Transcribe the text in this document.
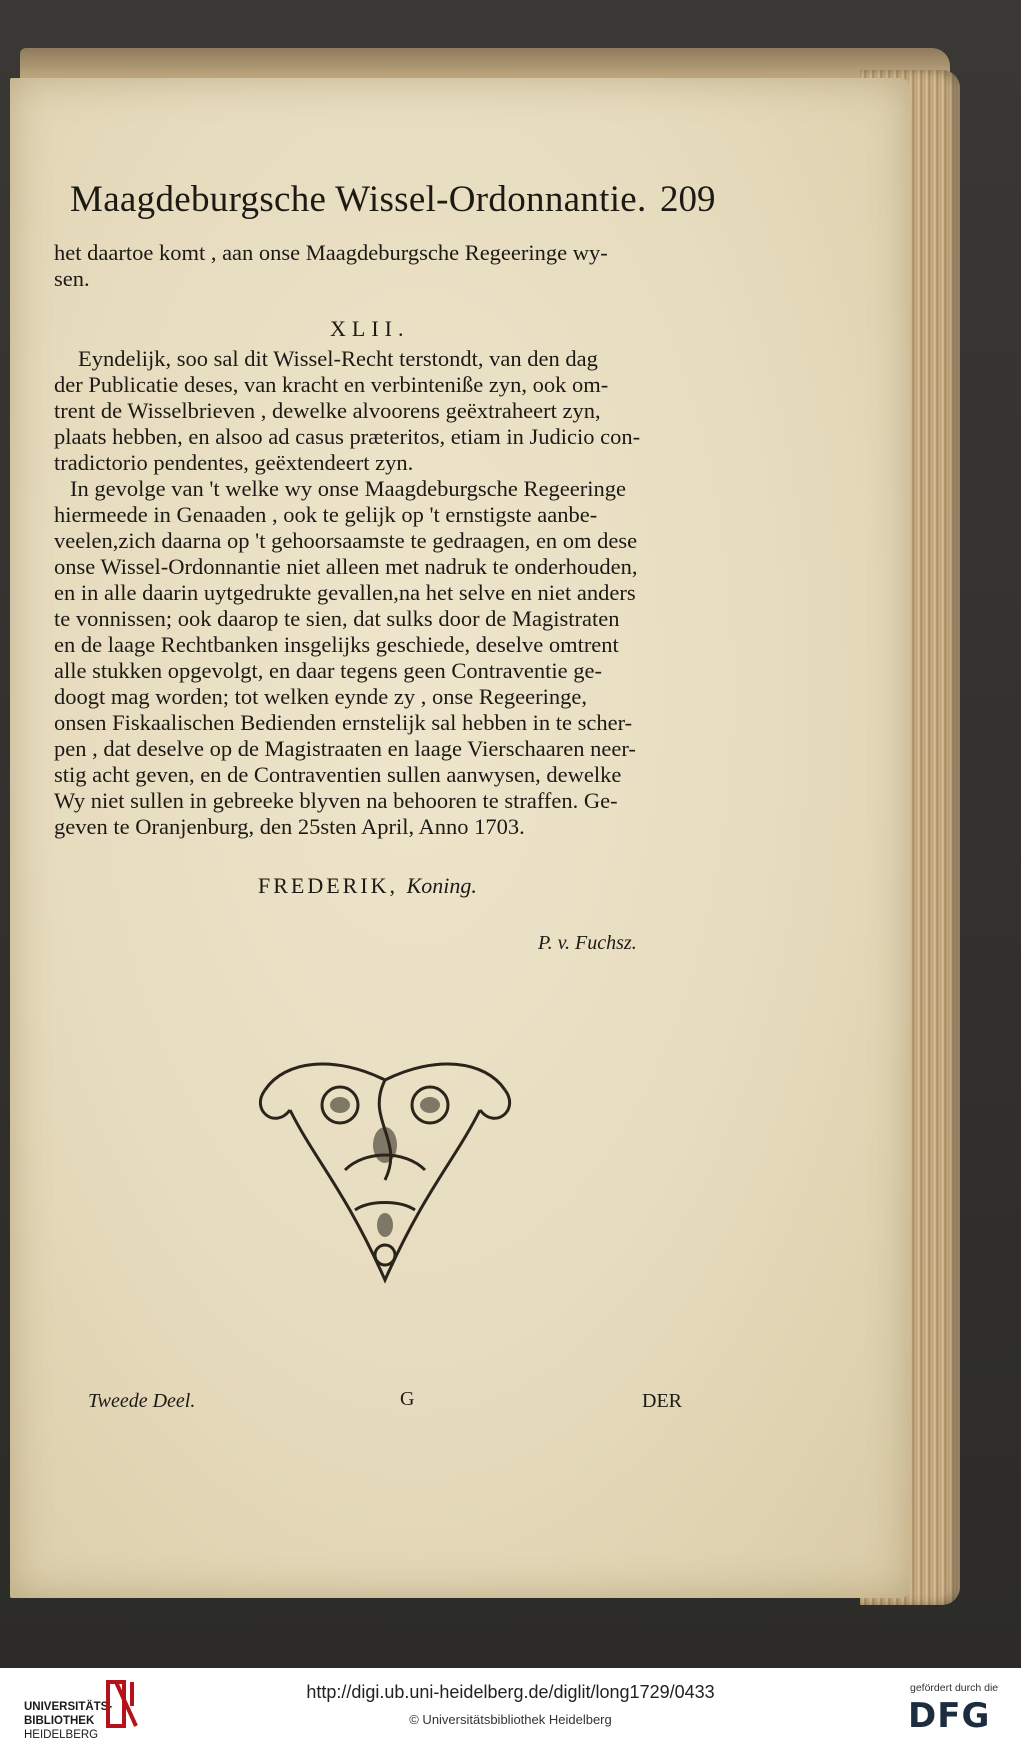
Maagdeburgsche Wissel-Ordonnantie. 209
het daartoe komt , aan onse Maagdeburgsche Regeeringe wy-
sen.
XLII.
Eyndelijk, soo sal dit Wissel-Recht terstondt, van den dag
der Publicatie deses, van kracht en verbinteniße zyn, ook om-
trent de Wisselbrieven , dewelke alvoorens geëxtraheert zyn,
plaats hebben, en alsoo ad casus præteritos, etiam in Judicio con-
tradictorio pendentes, geëxtendeert zyn.
In gevolge van 't welke wy onse Maagdeburgsche Regeeringe
hiermeede in Genaaden , ook te gelijk op 't ernstigste aanbe-
veelen,zich daarna op 't gehoorsaamste te gedraagen, en om dese
onse Wissel-Ordonnantie niet alleen met nadruk te onderhouden,
en in alle daarin uytgedrukte gevallen,na het selve en niet anders
te vonnissen; ook daarop te sien, dat sulks door de Magistraten
en de laage Rechtbanken insgelijks geschiede, deselve omtrent
alle stukken opgevolgt, en daar tegens geen Contraventie ge-
doogt mag worden; tot welken eynde zy , onse Regeeringe,
onsen Fiskaalischen Bedienden ernstelijk sal hebben in te scher-
pen , dat deselve op de Magistraaten en laage Vierschaaren neer-
stig acht geven, en de Contraventien sullen aanwysen, dewelke
Wy niet sullen in gebreeke blyven na behooren te straffen. Ge-
geven te Oranjenburg, den 25sten April, Anno 1703.
FREDERIK, Koning.
P. v. Fuchsz.
Tweede Deel.	G	DER
UNIVERSITÄTS-
BIBLIOTHEK
HEIDELBERG
http://digi.ub.uni-heidelberg.de/diglit/long1729/0433
© Universitätsbibliothek Heidelberg
gefördert durch die
DFG
